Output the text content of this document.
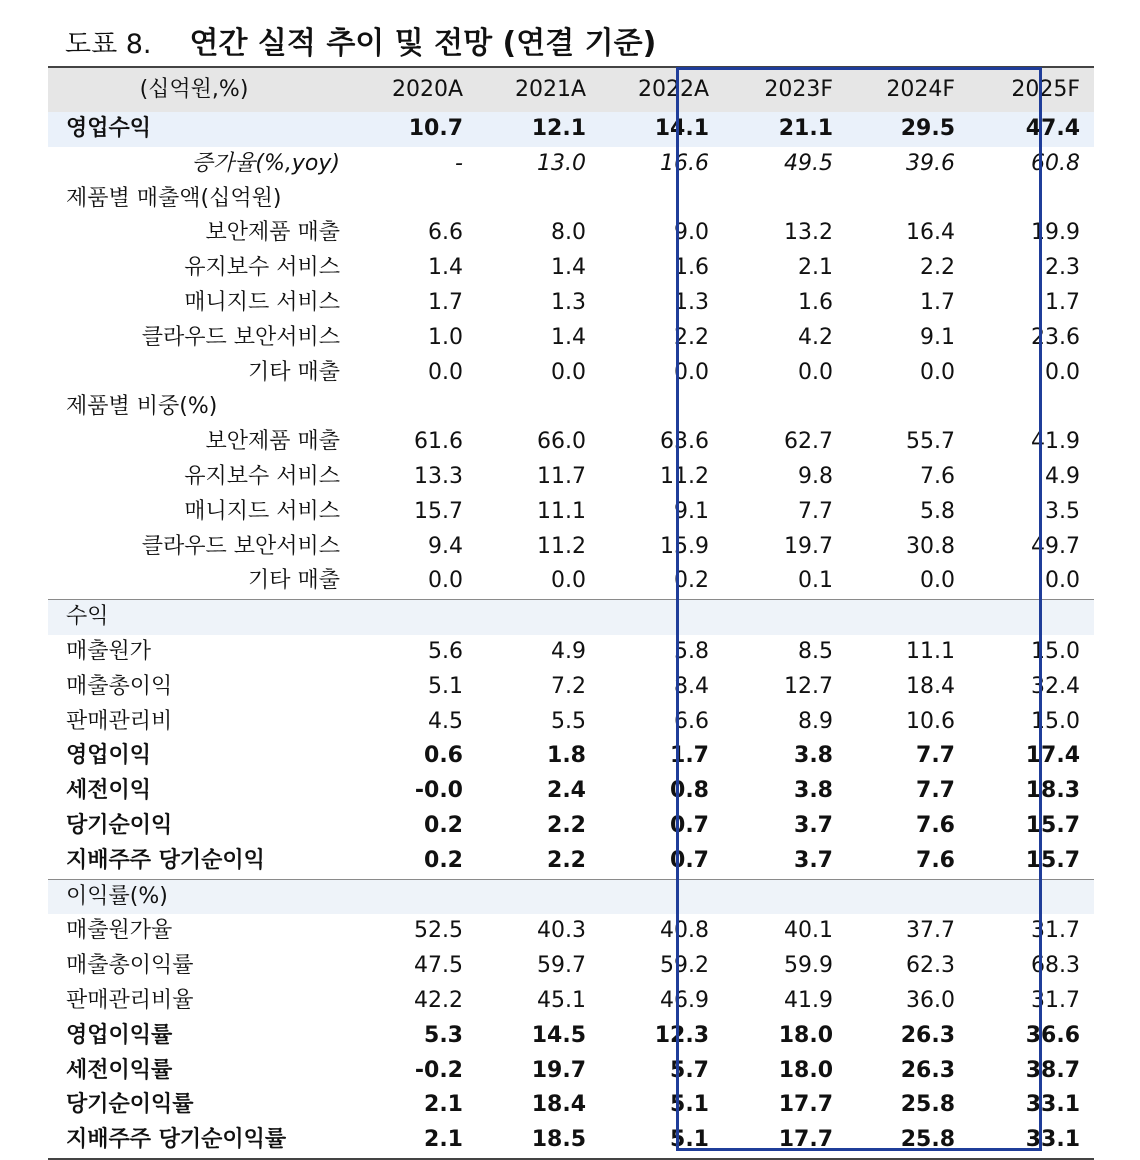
도표 8. 연간 실적 추이 및 전망 (연결 기준)
(십억원,%)	2020A	2021A	2022A	2023F	2024F	2025F
영업수익	10.7	12.1	14.1	21.1	29.5	47.4
증가율(%,yoy)	-	13.0	16.6	49.5	39.6	60.8
제품별 매출액(십억원)
보안제품 매출	6.6	8.0	9.0	13.2	16.4	19.9
유지보수 서비스	1.4	1.4	1.6	2.1	2.2	2.3
매니지드 서비스	1.7	1.3	1.3	1.6	1.7	1.7
클라우드 보안서비스	1.0	1.4	2.2	4.2	9.1	23.6
기타 매출	0.0	0.0	0.0	0.0	0.0	0.0
제품별 비중(%)
보안제품 매출	61.6	66.0	63.6	62.7	55.7	41.9
유지보수 서비스	13.3	11.7	11.2	9.8	7.6	4.9
매니지드 서비스	15.7	11.1	9.1	7.7	5.8	3.5
클라우드 보안서비스	9.4	11.2	15.9	19.7	30.8	49.7
기타 매출	0.0	0.0	0.2	0.1	0.0	0.0
수익
매출원가	5.6	4.9	5.8	8.5	11.1	15.0
매출총이익	5.1	7.2	8.4	12.7	18.4	32.4
판매관리비	4.5	5.5	6.6	8.9	10.6	15.0
영업이익	0.6	1.8	1.7	3.8	7.7	17.4
세전이익	-0.0	2.4	0.8	3.8	7.7	18.3
당기순이익	0.2	2.2	0.7	3.7	7.6	15.7
지배주주 당기순이익	0.2	2.2	0.7	3.7	7.6	15.7
이익률(%)
매출원가율	52.5	40.3	40.8	40.1	37.7	31.7
매출총이익률	47.5	59.7	59.2	59.9	62.3	68.3
판매관리비율	42.2	45.1	46.9	41.9	36.0	31.7
영업이익률	5.3	14.5	12.3	18.0	26.3	36.6
세전이익률	-0.2	19.7	5.7	18.0	26.3	38.7
당기순이익률	2.1	18.4	5.1	17.7	25.8	33.1
지배주주 당기순이익률	2.1	18.5	5.1	17.7	25.8	33.1
